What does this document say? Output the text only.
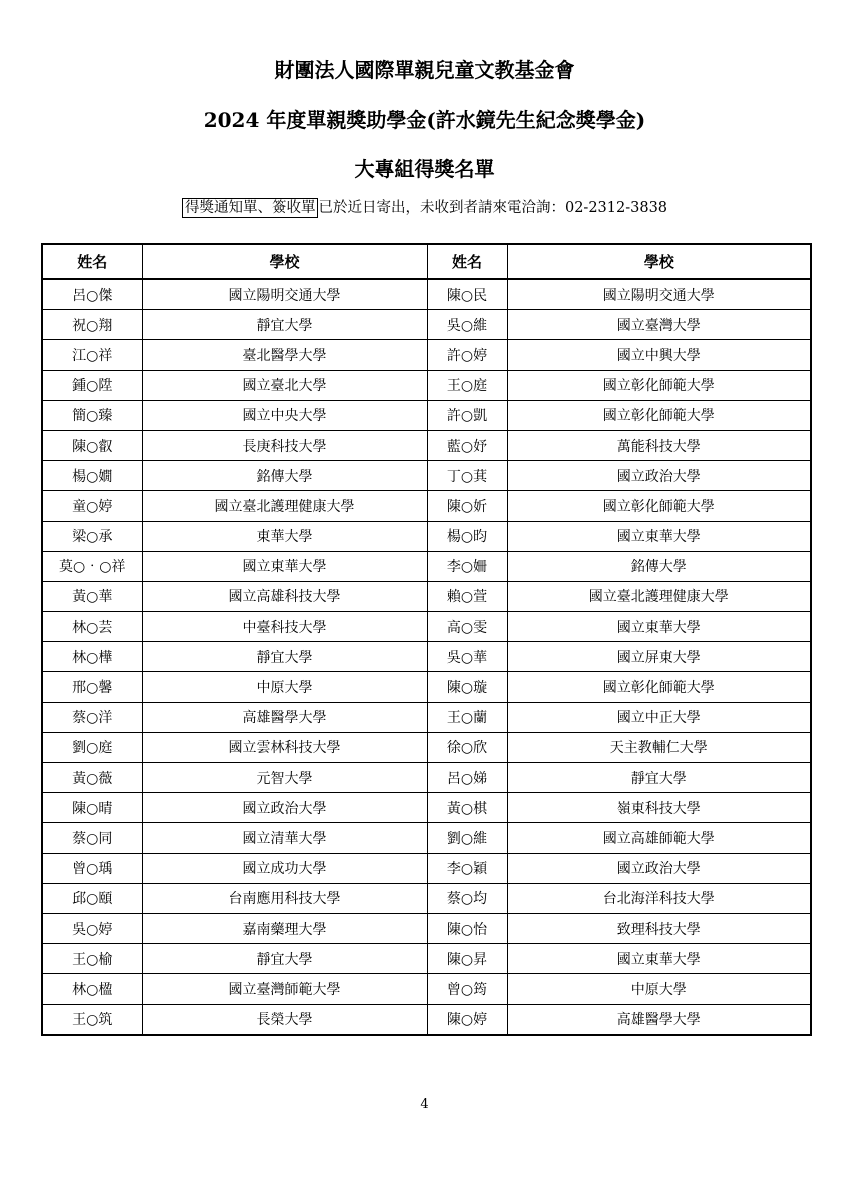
財團法人國際單親兒童文教基金會
2024 年度單親獎助學金(許水鏡先生紀念獎學金)
大專組得獎名單
得獎通知單、簽收單 已於近日寄出，未收到者請來電洽詢：02-2312-3838
姓名	學校	姓名	學校
呂○傑	國立陽明交通大學	陳○民	國立陽明交通大學
祝○翔	靜宜大學	吳○維	國立臺灣大學
江○祥	臺北醫學大學	許○婷	國立中興大學
鍾○陞	國立臺北大學	王○庭	國立彰化師範大學
簡○臻	國立中央大學	許○凱	國立彰化師範大學
陳○叡	長庚科技大學	藍○妤	萬能科技大學
楊○嫺	銘傳大學	丁○萁	國立政治大學
童○婷	國立臺北護理健康大學	陳○妡	國立彰化師範大學
梁○承	東華大學	楊○昀	國立東華大學
莫○‧○祥	國立東華大學	李○姍	銘傳大學
黃○華	國立高雄科技大學	賴○萱	國立臺北護理健康大學
林○芸	中臺科技大學	高○雯	國立東華大學
林○樺	靜宜大學	吳○華	國立屏東大學
邢○馨	中原大學	陳○璇	國立彰化師範大學
蔡○洋	高雄醫學大學	王○蘭	國立中正大學
劉○庭	國立雲林科技大學	徐○欣	天主教輔仁大學
黃○薇	元智大學	呂○娣	靜宜大學
陳○晴	國立政治大學	黃○棋	嶺東科技大學
蔡○同	國立清華大學	劉○維	國立高雄師範大學
曾○瑀	國立成功大學	李○穎	國立政治大學
邱○頤	台南應用科技大學	蔡○均	台北海洋科技大學
吳○婷	嘉南藥理大學	陳○怡	致理科技大學
王○榆	靜宜大學	陳○昇	國立東華大學
林○楹	國立臺灣師範大學	曾○筠	中原大學
王○筑	長榮大學	陳○婷	高雄醫學大學
4
